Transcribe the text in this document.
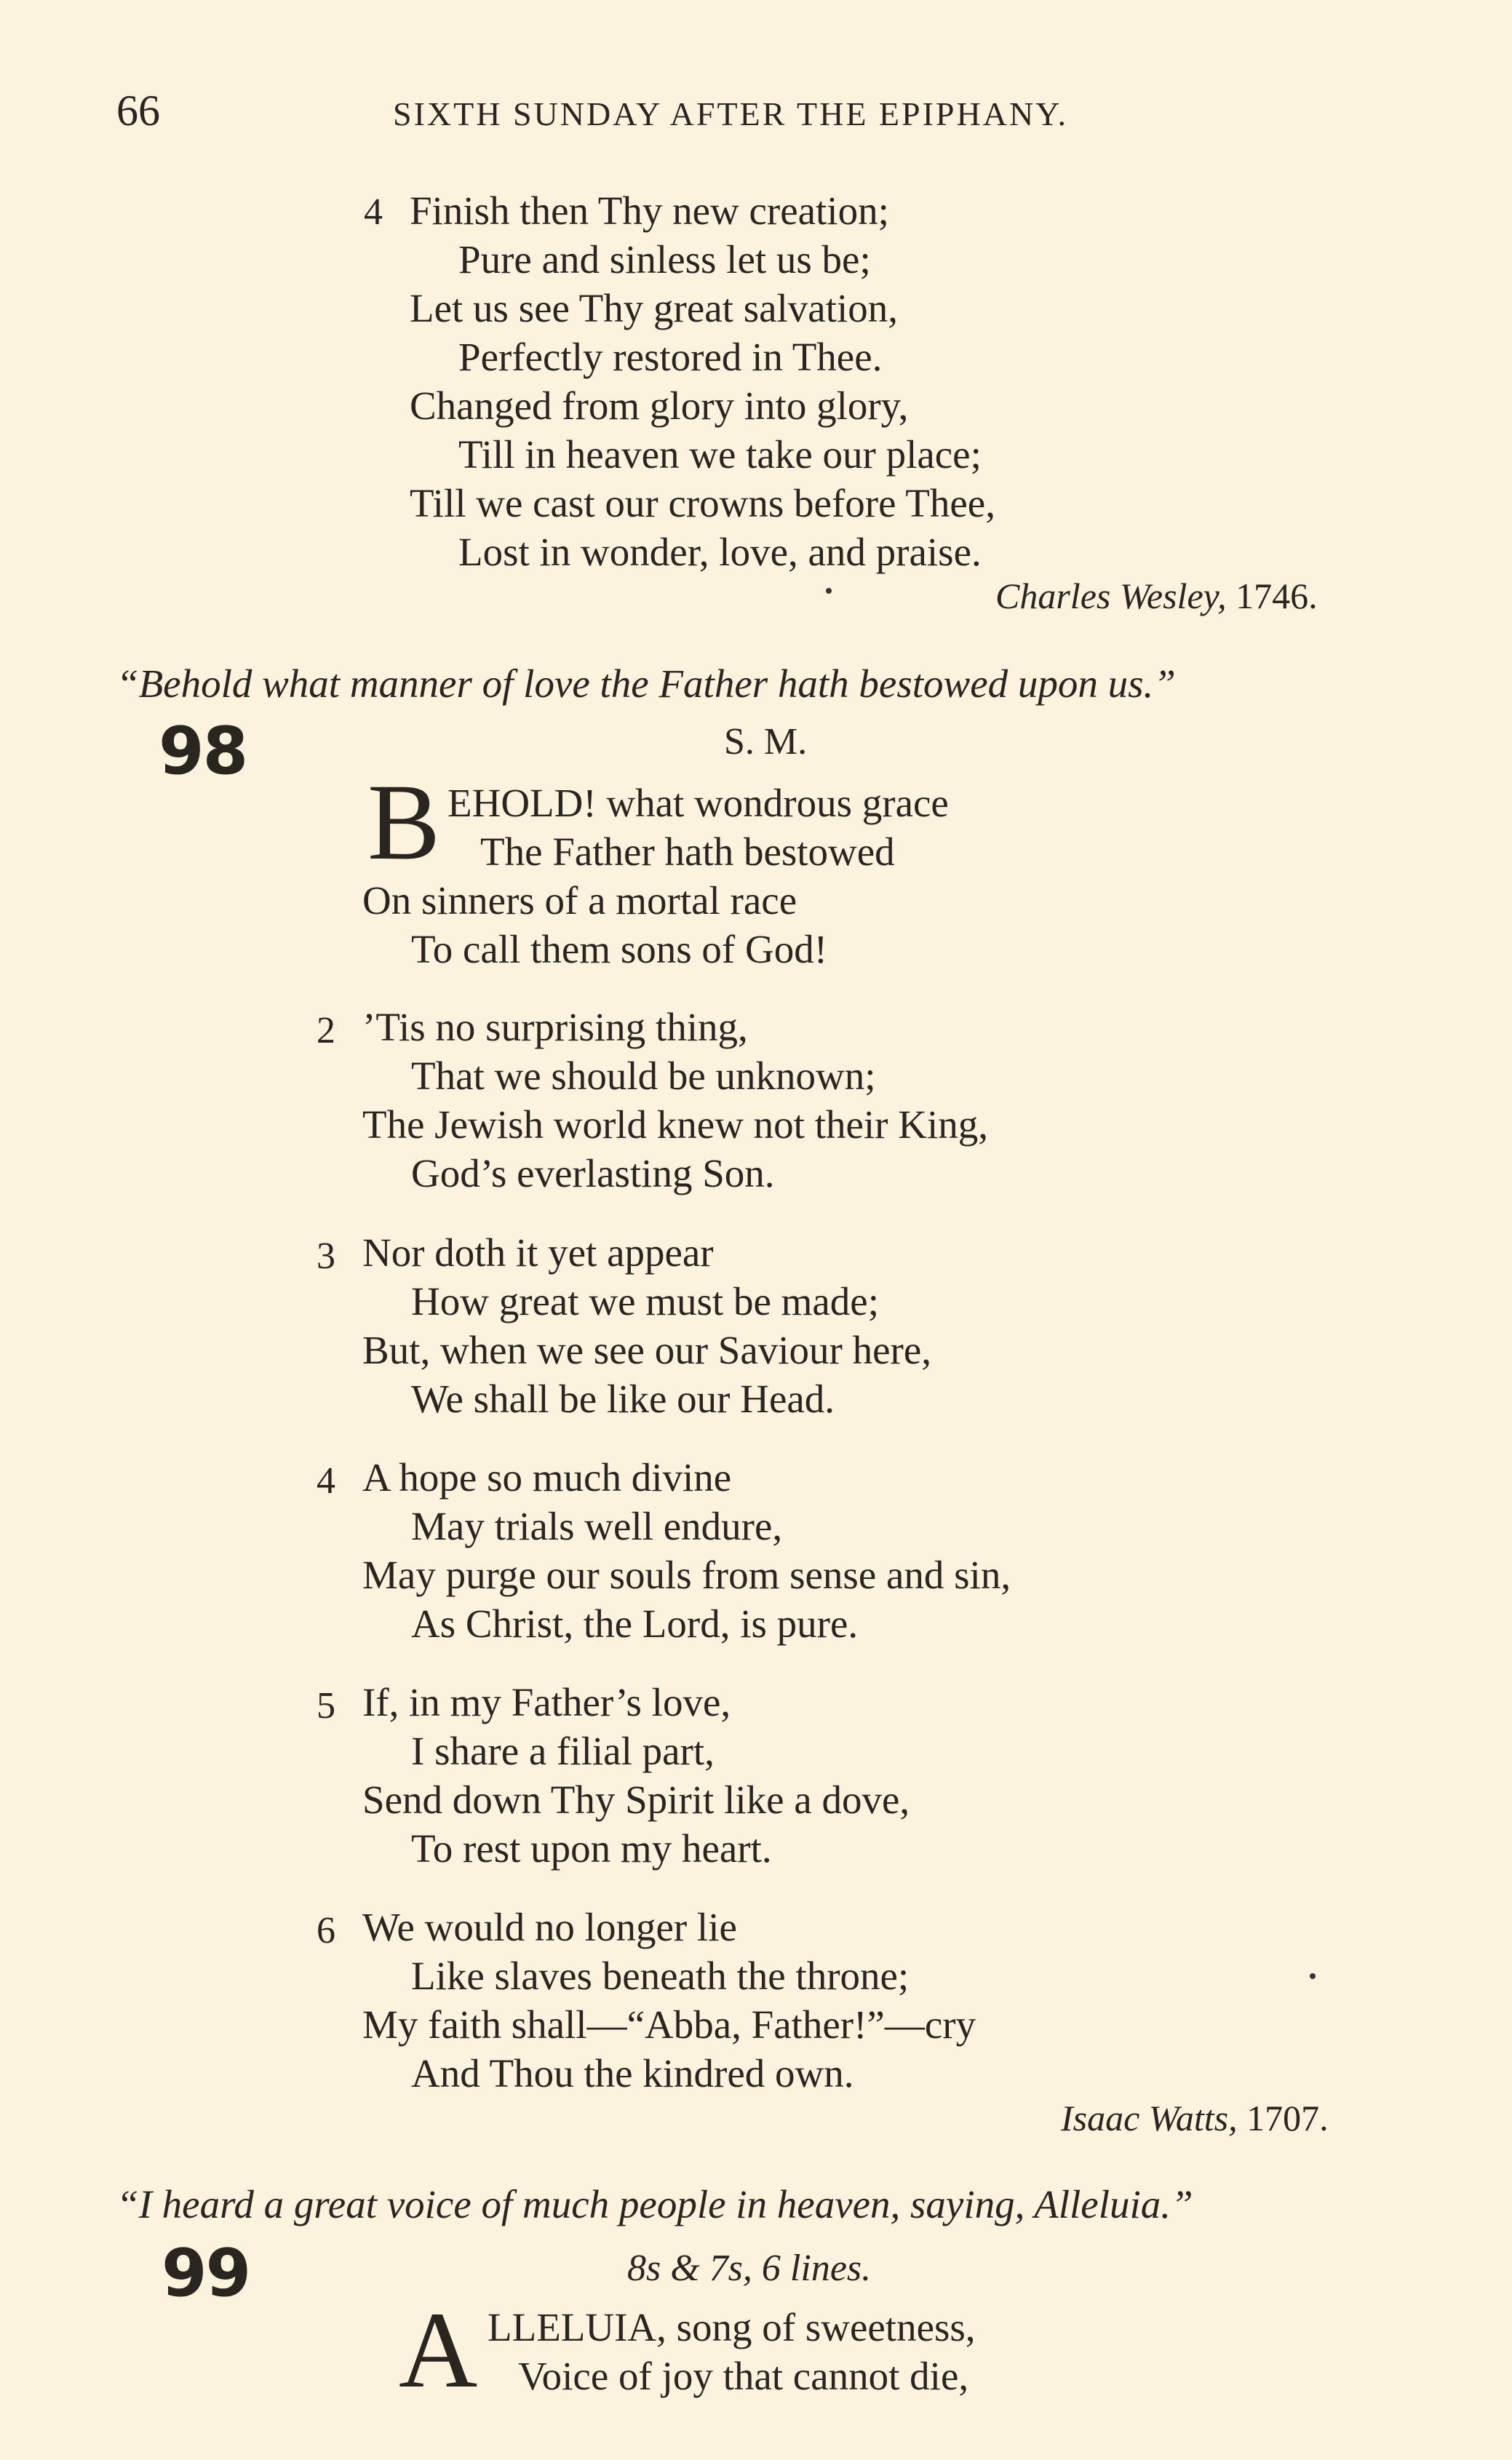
66	SIXTH SUNDAY AFTER THE EPIPHANY.
4 Finish then Thy new creation;
Pure and sinless let us be;
Let us see Thy great salvation,
Perfectly restored in Thee.
Changed from glory into glory,
Till in heaven we take our place;
Till we cast our crowns before Thee,
Lost in wonder, love, and praise.
Charles Wesley, 1746.
“Behold what manner of love the Father hath bestowed upon us.”
98	S. M.
B EHOLD! what wondrous grace
The Father hath bestowed
On sinners of a mortal race
To call them sons of God!
2 ’Tis no surprising thing,
That we should be unknown;
The Jewish world knew not their King,
God’s everlasting Son.
3 Nor doth it yet appear
How great we must be made;
But, when we see our Saviour here,
We shall be like our Head.
4 A hope so much divine
May trials well endure,
May purge our souls from sense and sin,
As Christ, the Lord, is pure.
5 If, in my Father’s love,
I share a filial part,
Send down Thy Spirit like a dove,
To rest upon my heart.
6 We would no longer lie
Like slaves beneath the throne;
My faith shall—“Abba, Father!”—cry
And Thou the kindred own.
Isaac Watts, 1707.
“I heard a great voice of much people in heaven, saying, Alleluia.”
99	8s & 7s, 6 lines.
A LLELUIA, song of sweetness,
Voice of joy that cannot die,
